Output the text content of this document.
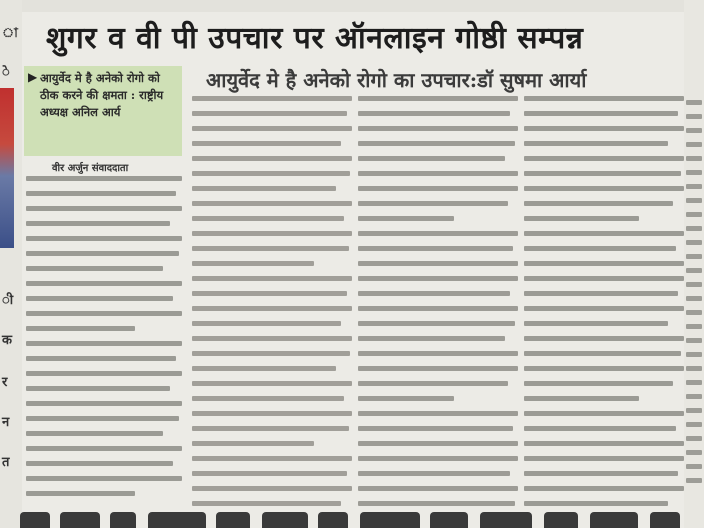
া
े
ी
क
र
न
त
शुगर व वी पी उपचार पर ऑनलाइन गोष्ठी सम्पन्न
आयुर्वेद मे है अनेको रोगो का उपचार:डॉ सुषमा आर्या
▶ आयुर्वेद मे है अनेको रोगो को ठीक करने की क्षमता : राष्ट्रीय अध्यक्ष अनिल आर्य
वीर अर्जुन संवाददाता
